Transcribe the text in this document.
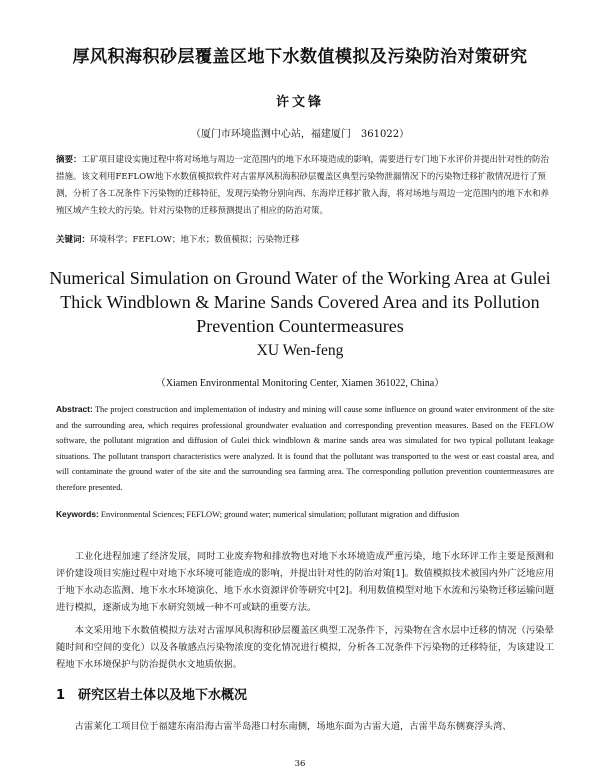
厚风积海积砂层覆盖区地下水数值模拟及污染防治对策研究
许文锋
（厦门市环境监测中心站，福建厦门　361022）
摘要：工矿项目建设实施过程中将对场地与周边一定范围内的地下水环境造成的影响，需要进行专门地下水评价并提出针对性的防治措施。该文利用FEFLOW地下水数值模拟软件对古雷厚风积海积砂层覆盖区典型污染物泄漏情况下的污染物迁移扩散情况进行了预测，分析了各工况条件下污染物的迁移特征，发现污染物分别向西、东海岸迁移扩散入海，将对场地与周边一定范围内的地下水和养殖区域产生较大的污染。针对污染物的迁移预测提出了相应的防治对策。
关键词：环境科学；FEFLOW；地下水；数值模拟；污染物迁移
Numerical Simulation on Ground Water of the Working Area at Gulei Thick Windblown & Marine Sands Covered Area and its Pollution Prevention Countermeasures
XU Wen-feng
（Xiamen Environmental Monitoring Center, Xiamen 361022, China）
Abstract: The project construction and implementation of industry and mining will cause some influence on ground water environment of the site and the surrounding area, which requires professional groundwater evaluation and corresponding prevention measures. Based on the FEFLOW software, the pollutant migration and diffusion of Gulei thick windblown & marine sands area was simulated for two typical pollutant leakage situations. The pollutant transport characteristics were analyzed. It is found that the pollutant was transported to the west or east coastal area, and will contaminate the ground water of the site and the surrounding sea farming area. The corresponding pollution prevention countermeasures are therefore presented.
Keywords: Environmental Sciences; FEFLOW; ground water; numerical simulation; pollutant migration and diffusion
工业化进程加速了经济发展，同时工业废弃物和排放物也对地下水环境造成严重污染，地下水环评工作主要是预测和评价建设项目实施过程中对地下水环境可能造成的影响，并提出针对性的防治对策[1]。数值模拟技术被国内外广泛地应用于地下水动态监测、地下水水环境演化、地下水水资源评价等研究中[2]。利用数值模型对地下水流和污染物迁移运输问题进行模拟，逐渐成为地下水研究领域一种不可或缺的重要方法。
本文采用地下水数值模拟方法对古雷厚风积海积砂层覆盖区典型工况条件下，污染物在含水层中迁移的情况（污染晕随时间和空间的变化）以及各敏感点污染物浓度的变化情况进行模拟，分析各工况条件下污染物的迁移特征，为该建设工程地下水环境保护与防治提供水文地质依据。
1　研究区岩土体以及地下水概况
古雷莱化工项目位于福建东南沿海古雷半岛港口村东南侧，场地东面为古雷大道，古雷半岛东侧赛浮头湾、
36
